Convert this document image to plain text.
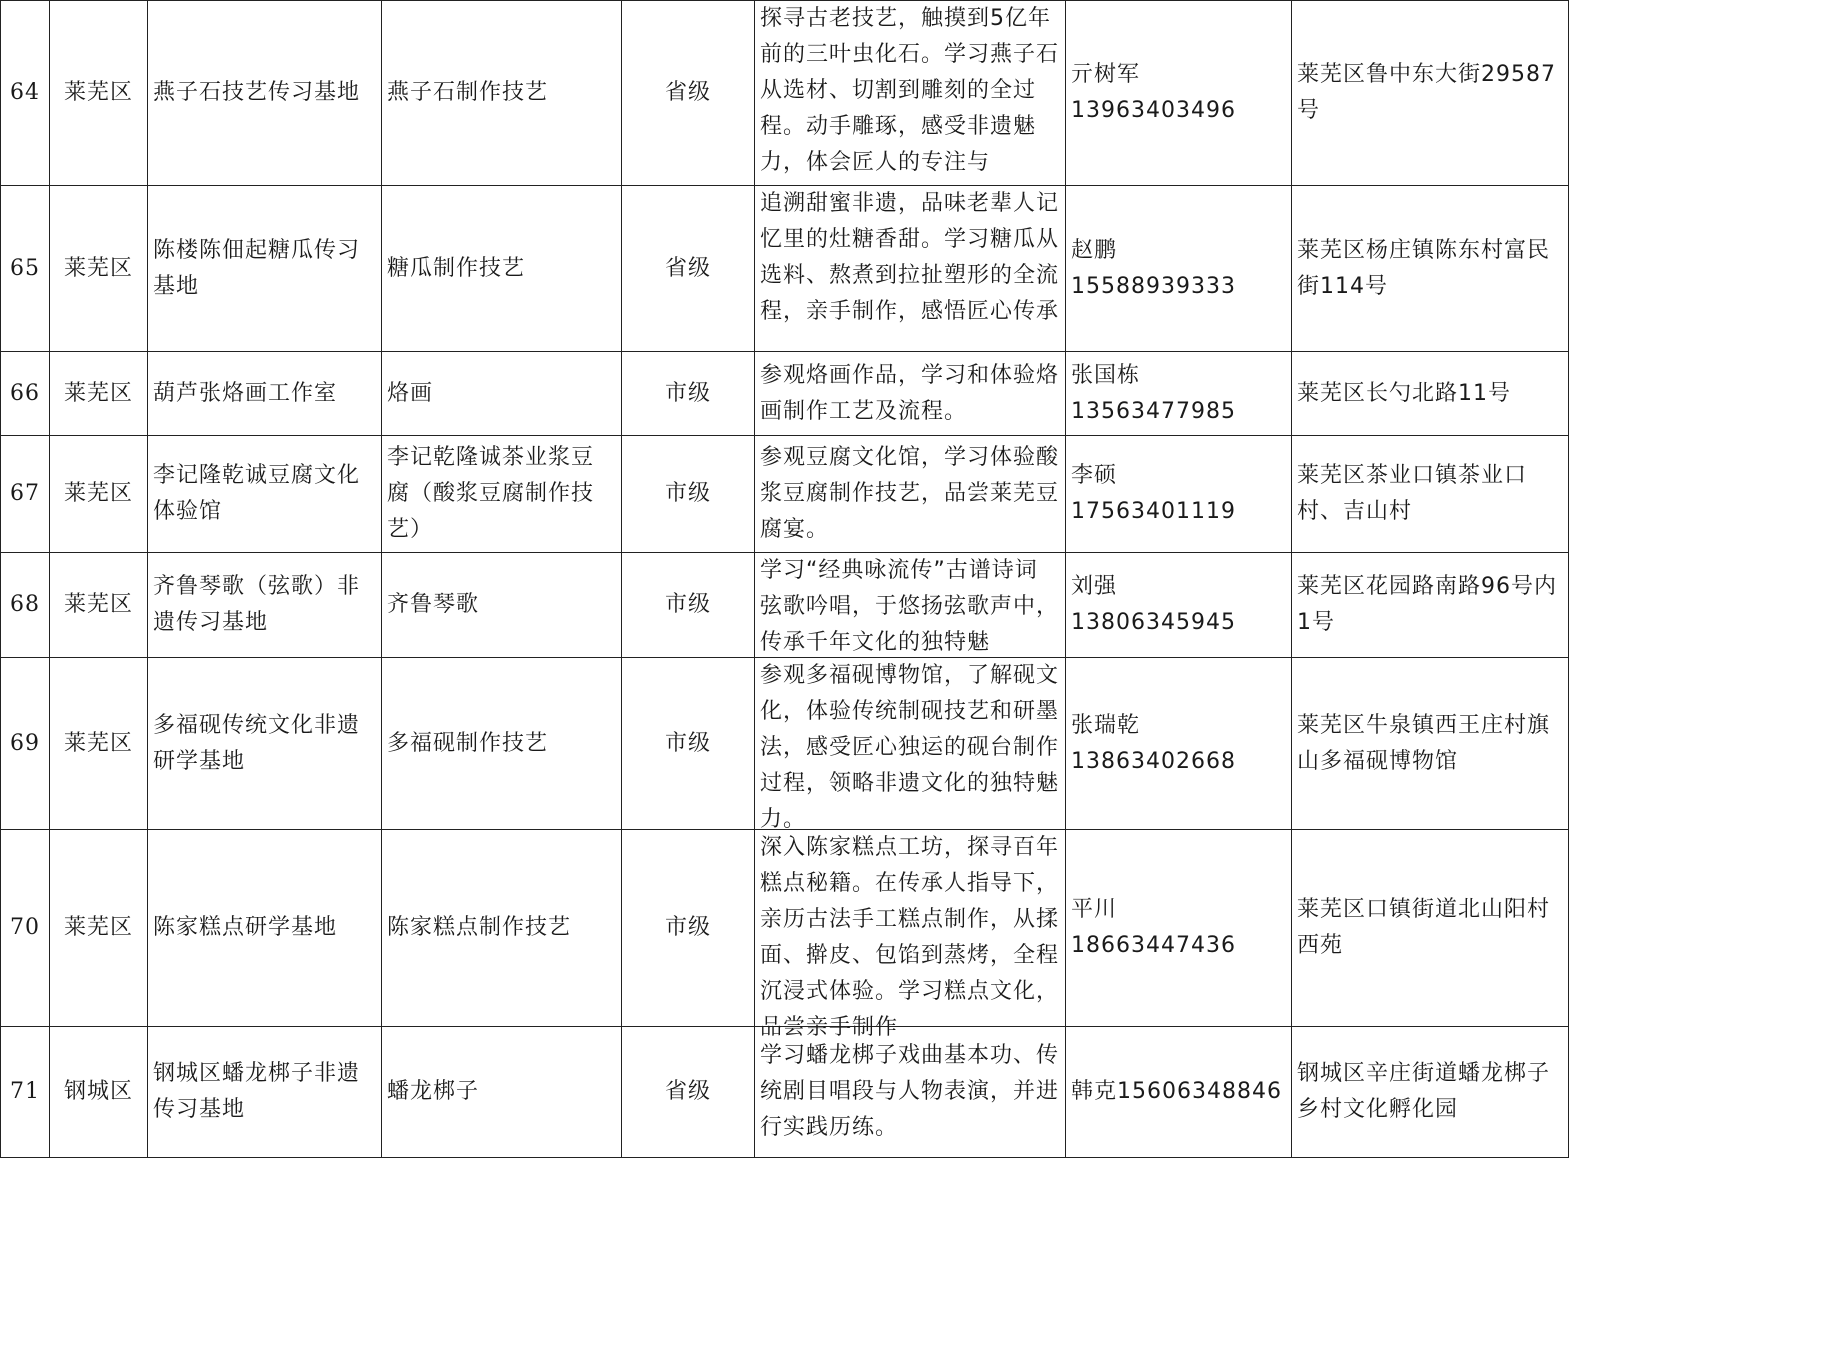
64	莱芜区	燕子石技艺传习基地	燕子石制作技艺	省级	探寻古老技艺，触摸到5亿年前的三叶虫化石。学习燕子石从选材、切割到雕刻的全过程。动手雕琢，感受非遗魅力，体会匠人的专注与	亓树军 13963403496	莱芜区鲁中东大街29587号
65	莱芜区	陈楼陈佃起糖瓜传习基地	糖瓜制作技艺	省级	追溯甜蜜非遗，品味老辈人记忆里的灶糖香甜。学习糖瓜从选料、熬煮到拉扯塑形的全流程，亲手制作，感悟匠心传承	赵鹏 15588939333	莱芜区杨庄镇陈东村富民街114号
66	莱芜区	葫芦张烙画工作室	烙画	市级	参观烙画作品，学习和体验烙画制作工艺及流程。	张国栋 13563477985	莱芜区长勺北路11号
67	莱芜区	李记隆乾诚豆腐文化体验馆	李记乾隆诚茶业浆豆腐（酸浆豆腐制作技艺）	市级	参观豆腐文化馆，学习体验酸浆豆腐制作技艺，品尝莱芜豆腐宴。	李硕 17563401119	莱芜区茶业口镇茶业口村、吉山村
68	莱芜区	齐鲁琴歌（弦歌）非遗传习基地	齐鲁琴歌	市级	学习“经典咏流传”古谱诗词弦歌吟唱，于悠扬弦歌声中，传承千年文化的独特魅	刘强 13806345945	莱芜区花园路南路96号内1号
69	莱芜区	多福砚传统文化非遗研学基地	多福砚制作技艺	市级	参观多福砚博物馆，了解砚文化，体验传统制砚技艺和研墨法，感受匠心独运的砚台制作过程，领略非遗文化的独特魅力。	张瑞乾 13863402668	莱芜区牛泉镇西王庄村旗山多福砚博物馆
70	莱芜区	陈家糕点研学基地	陈家糕点制作技艺	市级	深入陈家糕点工坊，探寻百年糕点秘籍。在传承人指导下，亲历古法手工糕点制作，从揉面、擀皮、包馅到蒸烤，全程沉浸式体验。学习糕点文化，品尝亲手制作	平川 18663447436	莱芜区口镇街道北山阳村西苑
71	钢城区	钢城区蟠龙梆子非遗传习基地	蟠龙梆子	省级	学习蟠龙梆子戏曲基本功、传统剧目唱段与人物表演，并进行实践历练。	韩克15606348846	钢城区辛庄街道蟠龙梆子乡村文化孵化园
